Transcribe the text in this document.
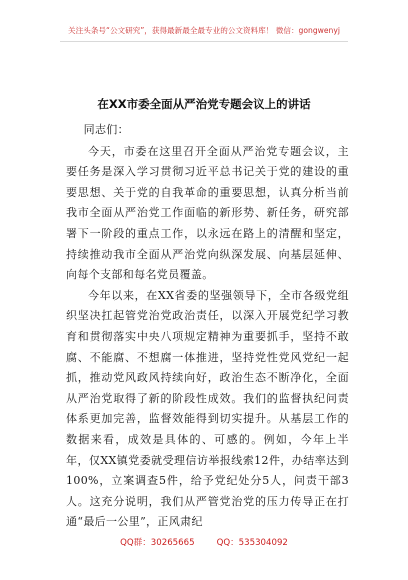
关注头条号“公文研究”，获得最新最全最专业的公文资料库！ 微信：gongwenyj
在XX市委全面从严治党专题会议上的讲话

同志们：

今天，市委在这里召开全面从严治党专题会议，主要任务是深入学习贯彻习近平总书记关于党的建设的重要思想、关于党的自我革命的重要思想，认真分析当前我市全面从严治党工作面临的新形势、新任务，研究部署下一阶段的重点工作，以永远在路上的清醒和坚定，持续推动我市全面从严治党向纵深发展、向基层延伸、向每个支部和每名党员覆盖。

今年以来，在XX省委的坚强领导下，全市各级党组织坚决扛起管党治党政治责任，以深入开展党纪学习教育和贯彻落实中央八项规定精神为重要抓手，坚持不敢腐、不能腐、不想腐一体推进，坚持党性党风党纪一起抓，推动党风政风持续向好，政治生态不断净化，全面从严治党取得了新的阶段性成效。我们的监督执纪问责体系更加完善，监督效能得到切实提升。从基层工作的数据来看，成效是具体的、可感的。例如，今年上半年，仅XX镇党委就受理信访举报线索12件，办结率达到100%，立案调查5件，给予党纪处分5人，问责干部3人。这充分说明，我们从严管党治党的压力传导正在打通“最后一公里”，正风肃纪

QQ群：30265665	QQ：535304092
